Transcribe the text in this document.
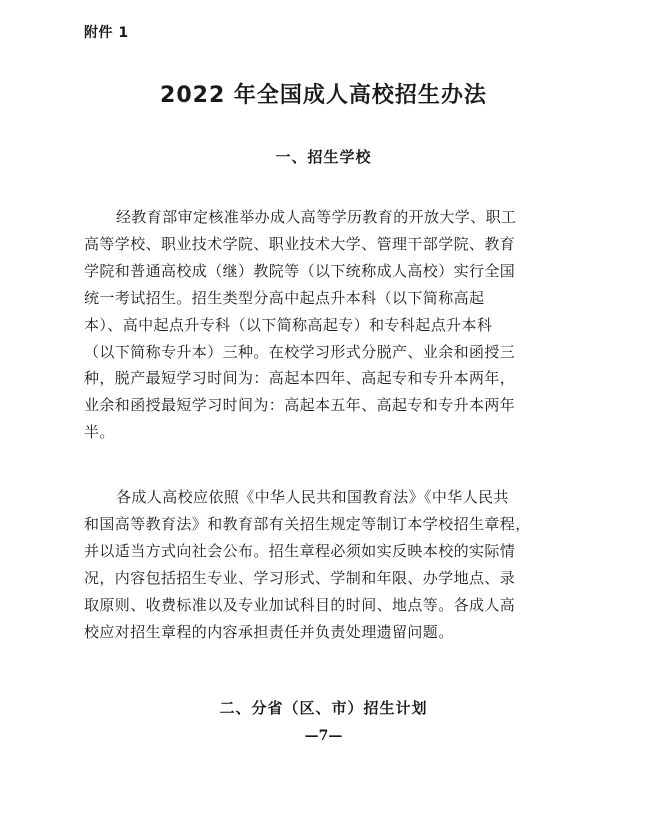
附件 1
2022 年全国成人高校招生办法
一、招生学校
经教育部审定核准举办成人高等学历教育的开放大学、职工
高等学校、职业技术学院、职业技术大学、管理干部学院、教育
学院和普通高校成（继）教院等（以下统称成人高校）实行全国
统一考试招生。招生类型分高中起点升本科（以下简称高起
本）、高中起点升专科（以下简称高起专）和专科起点升本科
（以下简称专升本）三种。在校学习形式分脱产、业余和函授三
种，脱产最短学习时间为：高起本四年、高起专和专升本两年，
业余和函授最短学习时间为：高起本五年、高起专和专升本两年
半。
各成人高校应依照《中华人民共和国教育法》《中华人民共
和国高等教育法》和教育部有关招生规定等制订本学校招生章程，
并以适当方式向社会公布。招生章程必须如实反映本校的实际情
况，内容包括招生专业、学习形式、学制和年限、办学地点、录
取原则、收费标准以及专业加试科目的时间、地点等。各成人高
校应对招生章程的内容承担责任并负责处理遗留问题。
二、分省（区、市）招生计划
—7—
